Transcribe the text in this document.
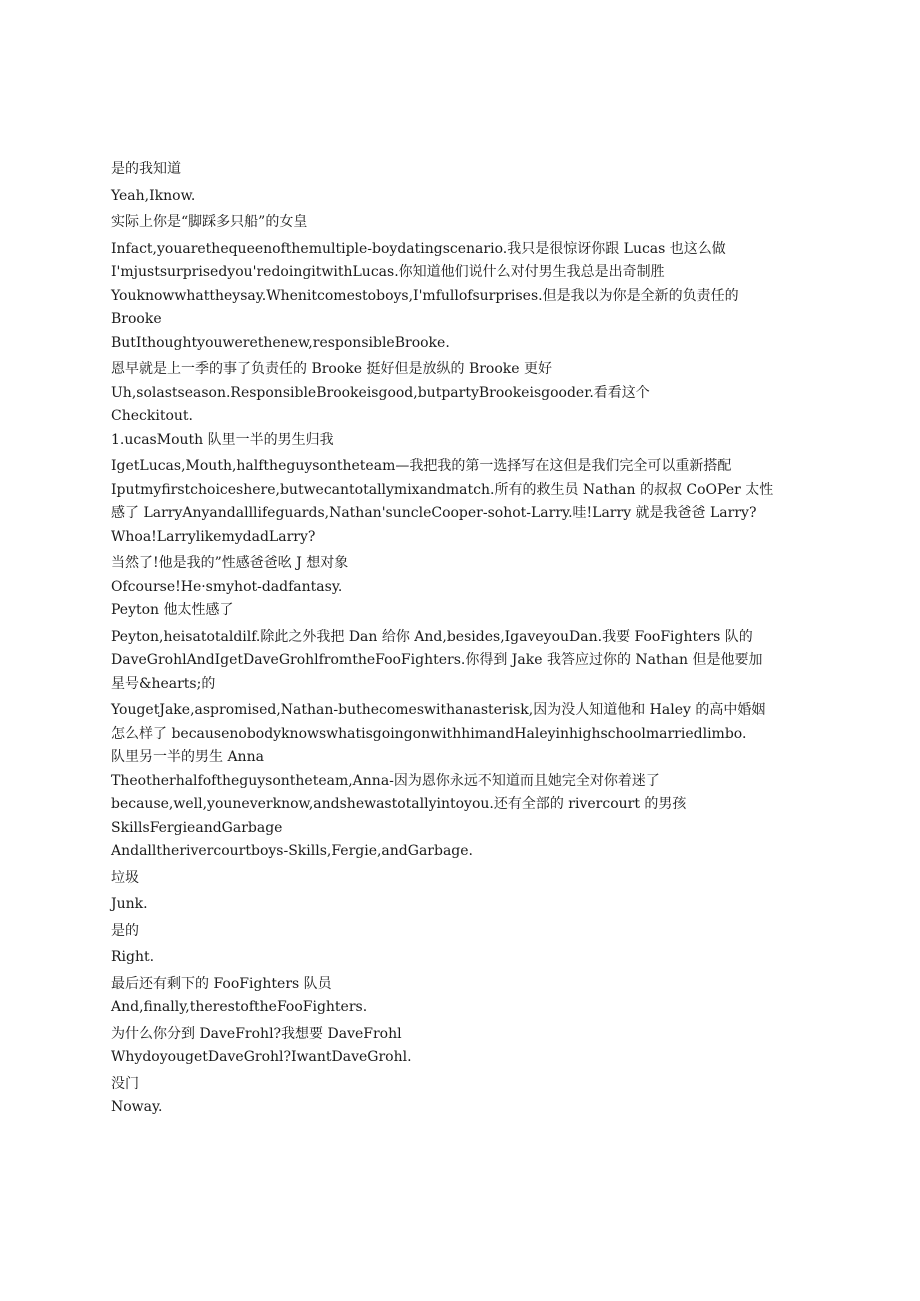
是的我知道

Yeah,Iknow.

实际上你是“脚踩多只船”的女皇

Infact,youarethequeenofthemultiple-boydatingscenario.我只是很惊讶你跟 Lucas 也这么做

I'mjustsurprisedyou'redoingitwithLucas.你知道他们说什么对付男生我总是出奇制胜

Youknowwhattheysay.Whenitcomestoboys,I'mfullofsurprises.但是我以为你是全新的负责任的

Brooke

ButIthoughtyouwerethenew,responsibleBrooke.

恩早就是上一季的事了负责任的 Brooke 挺好但是放纵的 Brooke 更好

Uh,solastseason.ResponsibleBrookeisgood,butpartyBrookeisgooder.看看这个

Checkitout.

1.ucasMouth 队里一半的男生归我

IgetLucas,Mouth,halftheguysontheteam—我把我的第一选择写在这但是我们完全可以重新搭配

Iputmyfirstchoiceshere,butwecantotallymixandmatch.所有的救生员 Nathan 的叔叔 CoOPer 太性

感了 LarryAnyandalllifeguards,Nathan'suncleCooper-sohot-Larry.哇!Larry 就是我爸爸 Larry?

Whoa!LarrylikemydadLarry?

当然了!他是我的”性感爸爸吆 J 想对象

Ofcourse!He·smyhot-dadfantasy.

Peyton 他太性感了

Peyton,heisatotaldilf.除此之外我把 Dan 给你 And,besides,IgaveyouDan.我要 FooFighters 队的

DaveGrohlAndIgetDaveGrohlfromtheFooFighters.你得到 Jake 我答应过你的 Nathan 但是他要加

星号&hearts;的

YougetJake,aspromised,Nathan-buthecomeswithanasterisk,因为没人知道他和 Haley 的高中婚姻

怎么样了 becausenobodyknowswhatisgoingonwithhimandHaleyinhighschoolmarriedlimbo.

队里另一半的男生 Anna

Theotherhalfoftheguysontheteam,Anna-因为恩你永远不知道而且她完全对你着迷了

because,well,youneverknow,andshewastotallyintoyou.还有全部的 rivercourt 的男孩

SkillsFergieandGarbage

Andalltherivercourtboys-Skills,Fergie,andGarbage.

垃圾

Junk.

是的

Right.

最后还有剩下的 FooFighters 队员

And,finally,therestoftheFooFighters.

为什么你分到 DaveFrohl?我想要 DaveFrohl

WhydoyougetDaveGrohl?IwantDaveGrohl.

没门

Noway.
